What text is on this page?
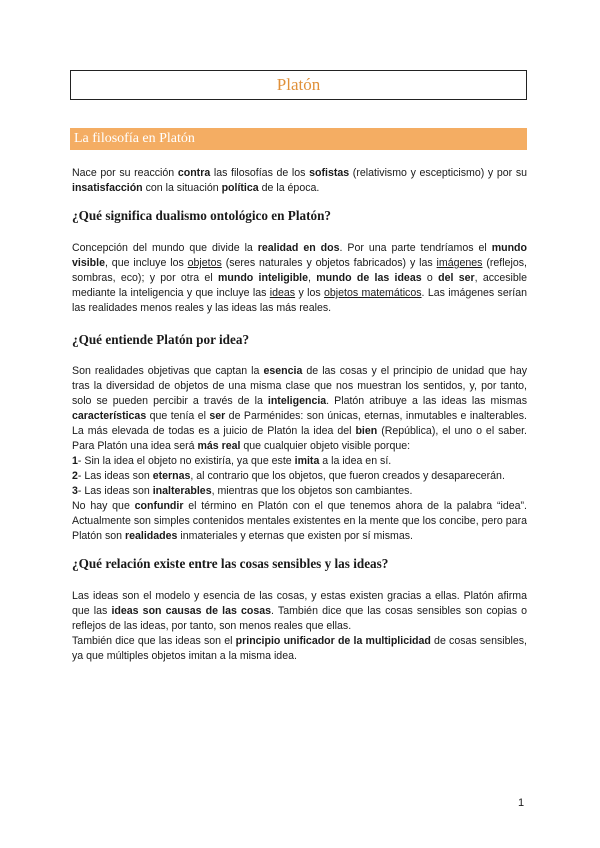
Platón
La filosofía en Platón

Nace por su reacción contra las filosofías de los sofistas (relativismo y escepticismo) y por su insatisfacción con la situación política de la época.

¿Qué significa dualismo ontológico en Platón?

Concepción del mundo que divide la realidad en dos. Por una parte tendríamos el mundo visible, que incluye los objetos (seres naturales y objetos fabricados) y las imágenes (reflejos, sombras, eco); y por otra el mundo inteligible, mundo de las ideas o del ser, accesible mediante la inteligencia y que incluye las ideas y los objetos matemáticos. Las imágenes serían las realidades menos reales y las ideas las más reales.

¿Qué entiende Platón por idea?
Son realidades objetivas que captan la esencia de las cosas y el principio de unidad que hay tras la diversidad de objetos de una misma clase que nos muestran los sentidos, y, por tanto, solo se pueden percibir a través de la inteligencia. Platón atribuye a las ideas las mismas características que tenía el ser de Parménides: son únicas, eternas, inmutables e inalterables. La más elevada de todas es a juicio de Platón la idea del bien (República), el uno o el saber. Para Platón una idea será más real que cualquier objeto visible porque:
1- Sin la idea el objeto no existiría, ya que este imita a la idea en sí.
2- Las ideas son eternas, al contrario que los objetos, que fueron creados y desaparecerán.
3- Las ideas son inalterables, mientras que los objetos son cambiantes.
No hay que confundir el término en Platón con el que tenemos ahora de la palabra “idea”. Actualmente son simples contenidos mentales existentes en la mente que los concibe, pero para Platón son realidades inmateriales y eternas que existen por sí mismas.
¿Qué relación existe entre las cosas sensibles y las ideas?
Las ideas son el modelo y esencia de las cosas, y estas existen gracias a ellas. Platón afirma que las ideas son causas de las cosas. También dice que las cosas sensibles son copias o reflejos de las ideas, por tanto, son menos reales que ellas.
También dice que las ideas son el principio unificador de la multiplicidad de cosas sensibles, ya que múltiples objetos imitan a la misma idea.
1
